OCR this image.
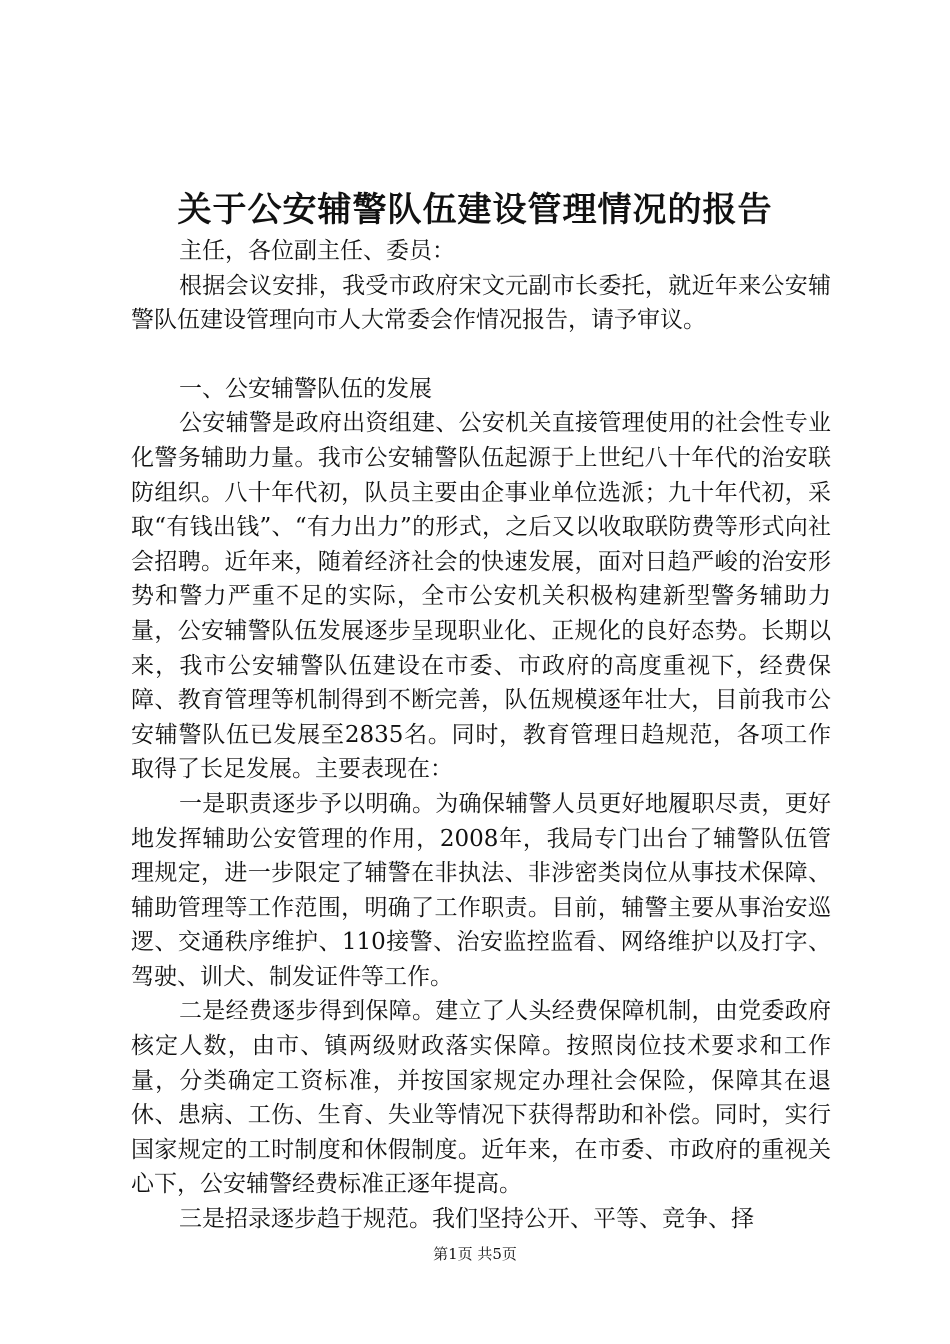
关于公安辅警队伍建设管理情况的报告

主任，各位副主任、委员：

根据会议安排，我受市政府宋文元副市长委托，就近年来公安辅警队伍建设管理向市人大常委会作情况报告，请予审议。

一、公安辅警队伍的发展

公安辅警是政府出资组建、公安机关直接管理使用的社会性专业化警务辅助力量。我市公安辅警队伍起源于上世纪八十年代的治安联防组织。八十年代初，队员主要由企事业单位选派；九十年代初，采取“有钱出钱”、“有力出力”的形式，之后又以收取联防费等形式向社会招聘。近年来，随着经济社会的快速发展，面对日趋严峻的治安形势和警力严重不足的实际，全市公安机关积极构建新型警务辅助力量，公安辅警队伍发展逐步呈现职业化、正规化的良好态势。长期以来，我市公安辅警队伍建设在市委、市政府的高度重视下，经费保障、教育管理等机制得到不断完善，队伍规模逐年壮大，目前我市公安辅警队伍已发展至2835名。同时，教育管理日趋规范，各项工作取得了长足发展。主要表现在：

一是职责逐步予以明确。为确保辅警人员更好地履职尽责，更好地发挥辅助公安管理的作用，2008年，我局专门出台了辅警队伍管理规定，进一步限定了辅警在非执法、非涉密类岗位从事技术保障、辅助管理等工作范围，明确了工作职责。目前，辅警主要从事治安巡逻、交通秩序维护、110接警、治安监控监看、网络维护以及打字、驾驶、训犬、制发证件等工作。

二是经费逐步得到保障。建立了人头经费保障机制，由党委政府核定人数，由市、镇两级财政落实保障。按照岗位技术要求和工作量，分类确定工资标准，并按国家规定办理社会保险，保障其在退休、患病、工伤、生育、失业等情况下获得帮助和补偿。同时，实行国家规定的工时制度和休假制度。近年来，在市委、市政府的重视关心下，公安辅警经费标准正逐年提高。

三是招录逐步趋于规范。我们坚持公开、平等、竞争、择

第1页 共5页
